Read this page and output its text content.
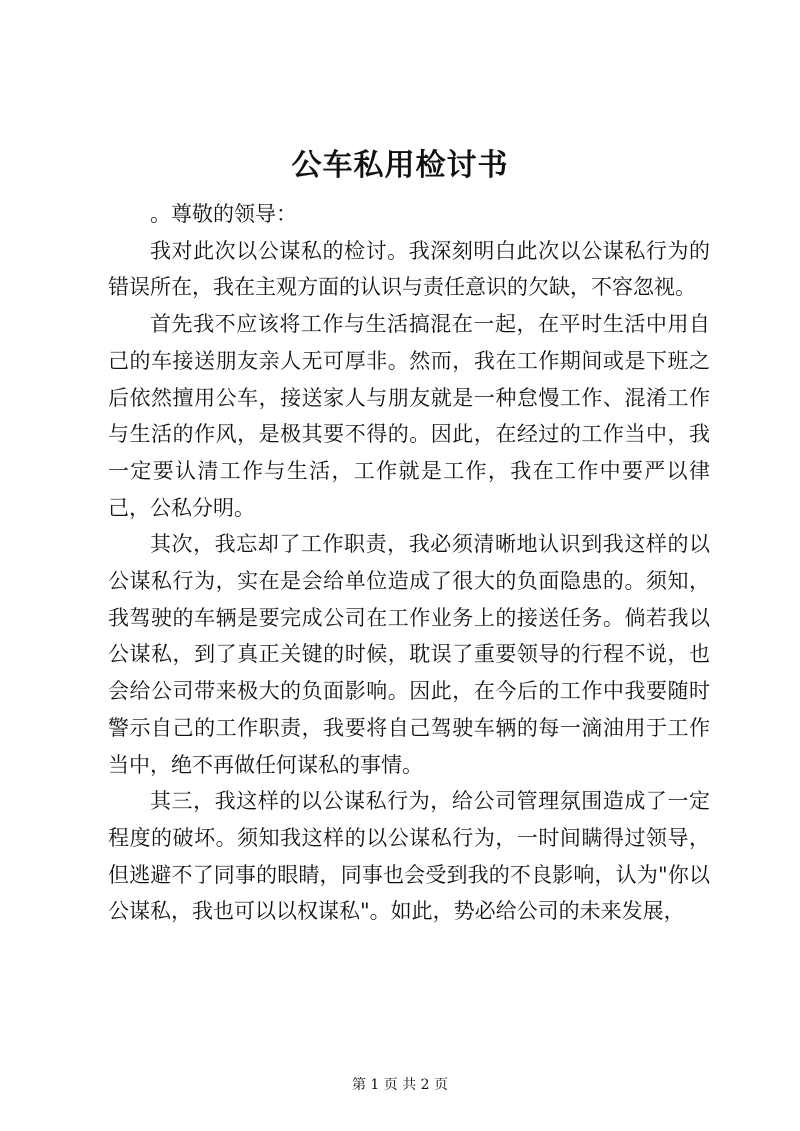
公车私用检讨书

。尊敬的领导：

我对此次以公谋私的检讨。我深刻明白此次以公谋私行为的错误所在，我在主观方面的认识与责任意识的欠缺，不容忽视。

首先我不应该将工作与生活搞混在一起，在平时生活中用自己的车接送朋友亲人无可厚非。然而，我在工作期间或是下班之后依然擅用公车，接送家人与朋友就是一种怠慢工作、混淆工作与生活的作风，是极其要不得的。因此，在经过的工作当中，我一定要认清工作与生活，工作就是工作，我在工作中要严以律己，公私分明。

其次，我忘却了工作职责，我必须清晰地认识到我这样的以公谋私行为，实在是会给单位造成了很大的负面隐患的。须知，我驾驶的车辆是要完成公司在工作业务上的接送任务。倘若我以公谋私，到了真正关键的时候，耽误了重要领导的行程不说，也会给公司带来极大的负面影响。因此，在今后的工作中我要随时警示自己的工作职责，我要将自己驾驶车辆的每一滴油用于工作当中，绝不再做任何谋私的事情。

其三，我这样的以公谋私行为，给公司管理氛围造成了一定程度的破坏。须知我这样的以公谋私行为，一时间瞒得过领导，但逃避不了同事的眼睛，同事也会受到我的不良影响，认为"你以公谋私，我也可以以权谋私"。如此，势必给公司的未来发展，

第 1 页 共 2 页
